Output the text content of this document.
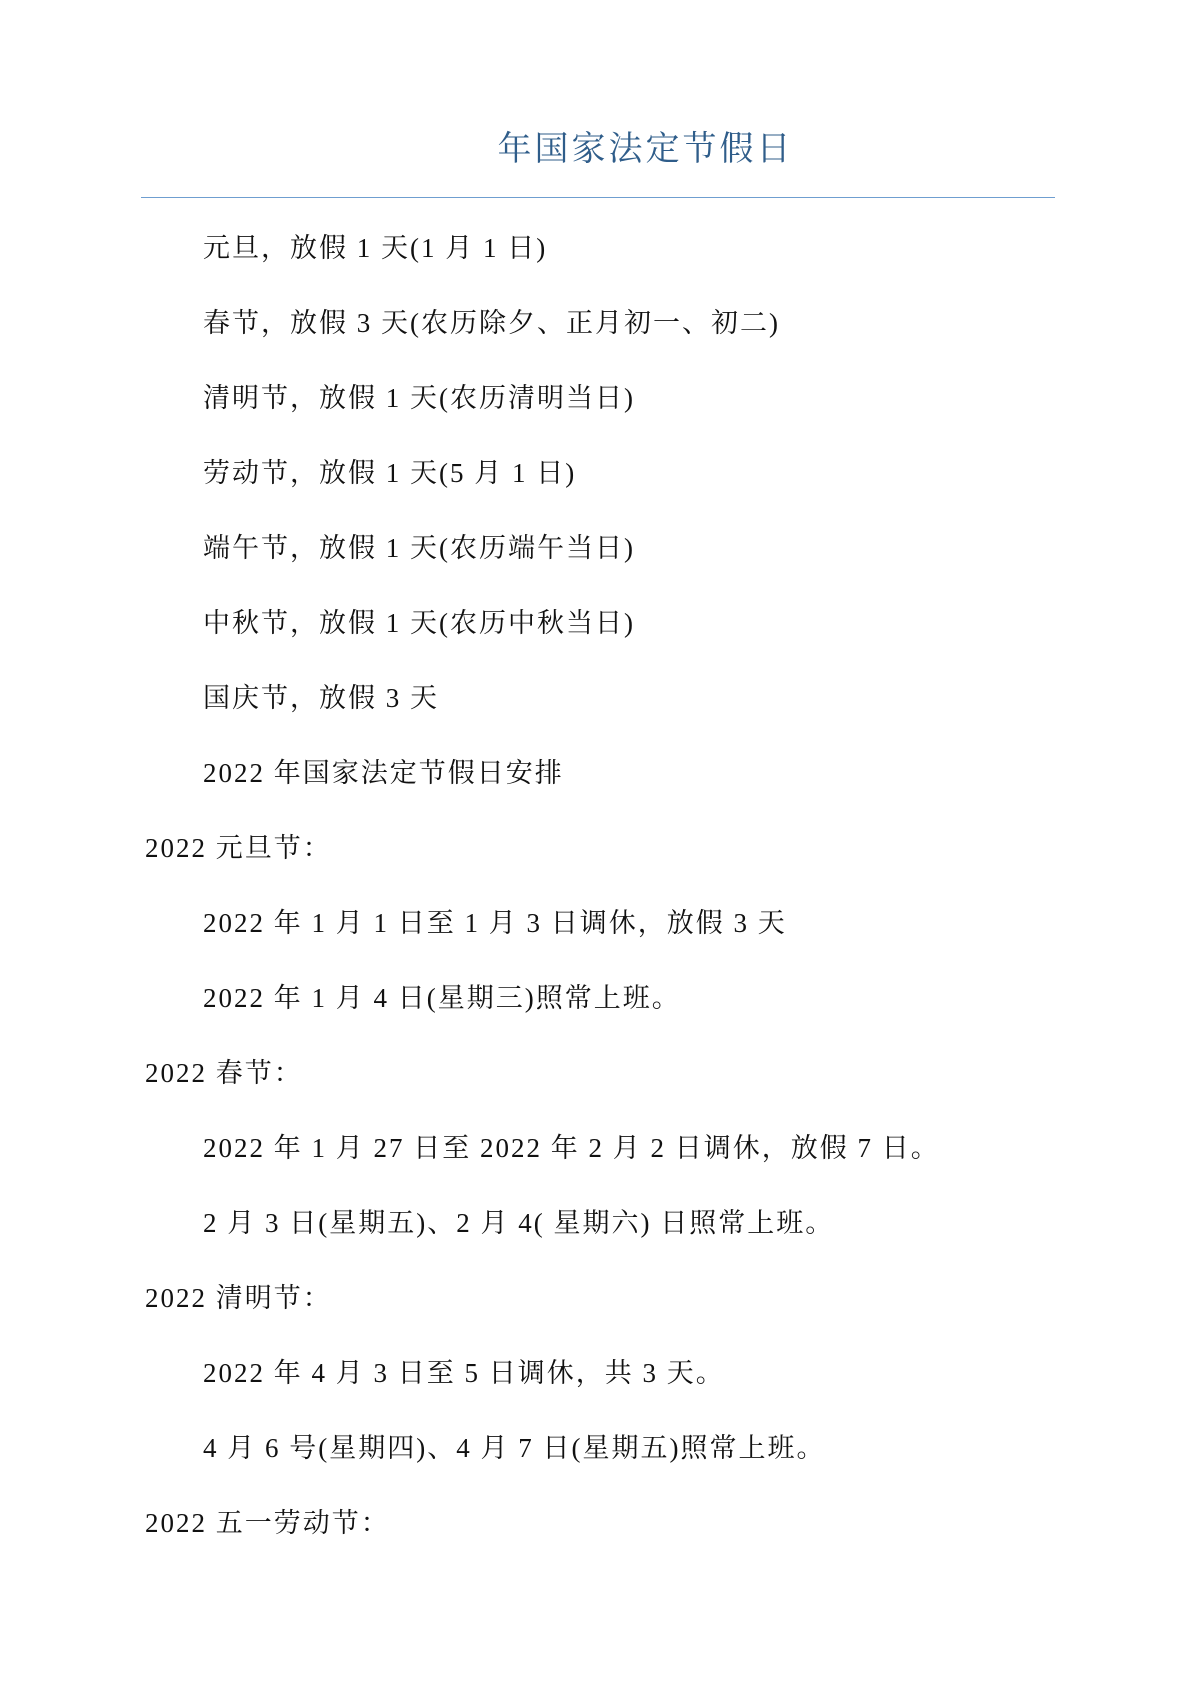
年国家法定节假日
元旦，放假 1 天(1 月 1 日)
春节，放假 3 天(农历除夕、正月初一、初二)
清明节，放假 1 天(农历清明当日)
劳动节，放假 1 天(5 月 1 日)
端午节，放假 1 天(农历端午当日)
中秋节，放假 1 天(农历中秋当日)
国庆节，放假 3 天
2022 年国家法定节假日安排
2022 元旦节：
2022 年 1 月 1 日至 1 月 3 日调休，放假 3 天
2022 年 1 月 4 日(星期三)照常上班。
2022 春节：
2022 年 1 月 27 日至 2022 年 2 月 2 日调休，放假 7 日。
2 月 3 日(星期五)、2 月 4( 星期六) 日照常上班。
2022 清明节：
2022 年 4 月 3 日至 5 日调休，共 3 天。
4 月 6 号(星期四)、4 月 7 日(星期五)照常上班。
2022 五一劳动节：
